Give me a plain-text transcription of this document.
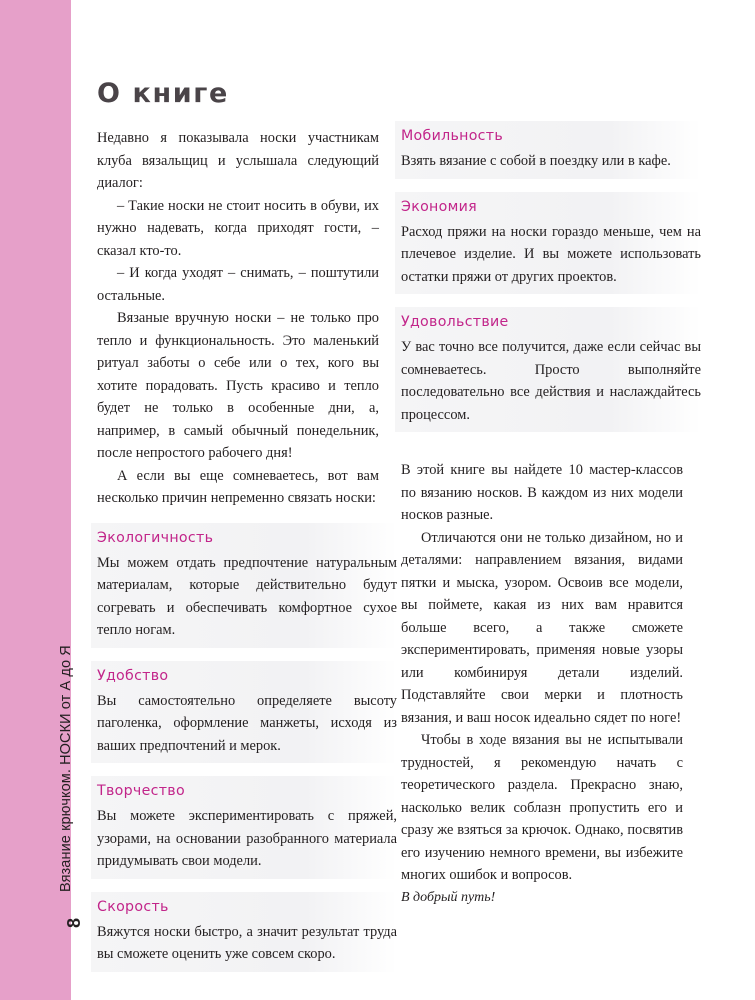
Вязание крючком. НОСКИ от А до Я
8
О книге

Недавно я показывала носки участникам клуба вязальщиц и услышала следующий диалог:

– Такие носки не стоит носить в обуви, их нужно надевать, когда приходят гости, – сказал кто-то.

– И когда уходят – снимать, – поштутили остальные.

Вязаные вручную носки – не только про тепло и функциональность. Это маленький ритуал заботы о себе или о тех, кого вы хотите порадовать. Пусть красиво и тепло будет не только в особенные дни, а, например, в самый обычный понедельник, после непростого рабочего дня!

А если вы еще сомневаетесь, вот вам несколько причин непременно связать носки:

Экологичность

Мы можем отдать предпочтение натуральным материалам, которые действительно будут согревать и обеспечивать комфортное сухое тепло ногам.

Удобство

Вы самостоятельно определяете высоту паголенка, оформление манжеты, исходя из ваших предпочтений и мерок.

Творчество

Вы можете экспериментировать с пряжей, узорами, на основании разобранного материала придумывать свои модели.

Скорость

Вяжутся носки быстро, а значит результат труда вы сможете оценить уже совсем скоро.

Мобильность

Взять вязание с собой в поездку или в кафе.

Экономия

Расход пряжи на носки гораздо меньше, чем на плечевое изделие. И вы можете использовать остатки пряжи от других проектов.

Удовольствие

У вас точно все получится, даже если сейчас вы сомневаетесь. Просто выполняйте последовательно все действия и наслаждайтесь процессом.

В этой книге вы найдете 10 мастер-классов по вязанию носков. В каждом из них модели носков разные.

Отличаются они не только дизайном, но и деталями: направлением вязания, видами пятки и мыска, узором. Освоив все модели, вы поймете, какая из них вам нравится больше всего, а также сможете экспериментировать, применяя новые узоры или комбинируя детали изделий. Подставляйте свои мерки и плотность вязания, и ваш носок идеально сядет по ноге!

Чтобы в ходе вязания вы не испытывали трудностей, я рекомендую начать с теоретического раздела. Прекрасно знаю, насколько велик соблазн пропустить его и сразу же взяться за крючок. Однако, посвятив его изучению немного времени, вы избежите многих ошибок и вопросов.

В добрый путь!
